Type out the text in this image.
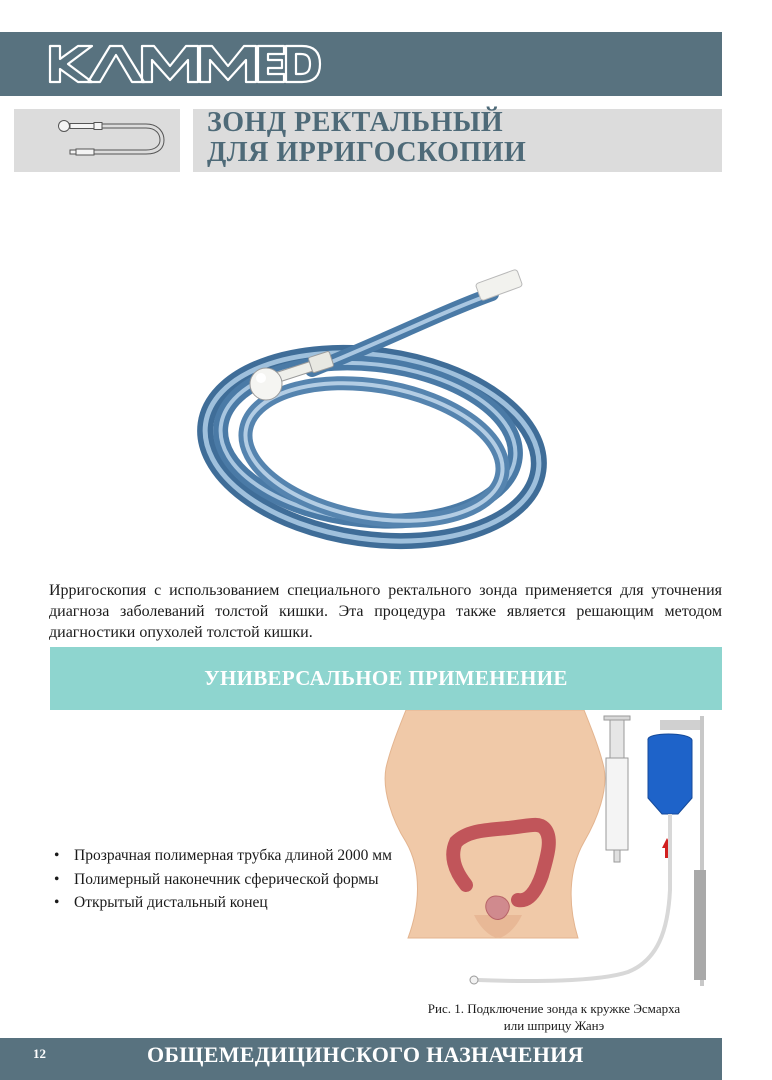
ЗОНД РЕКТАЛЬНЫЙ
ДЛЯ ИРРИГОСКОПИИ
Ирригоскопия с использованием специального ректального зонда применяется для уточнения диагноза заболеваний толстой кишки. Эта процедура также является решающим методом диагностики опухолей толстой кишки.
УНИВЕРСАЛЬНОЕ ПРИМЕНЕНИЕ
• Прозрачная полимерная трубка длиной 2000 мм
• Полимерный наконечник сферической формы
• Открытый дистальный конец
Рис. 1. Подключение зонда к кружке Эсмарха
или шприцу Жанэ
12	ОБЩЕМЕДИЦИНСКОГО НАЗНАЧЕНИЯ
